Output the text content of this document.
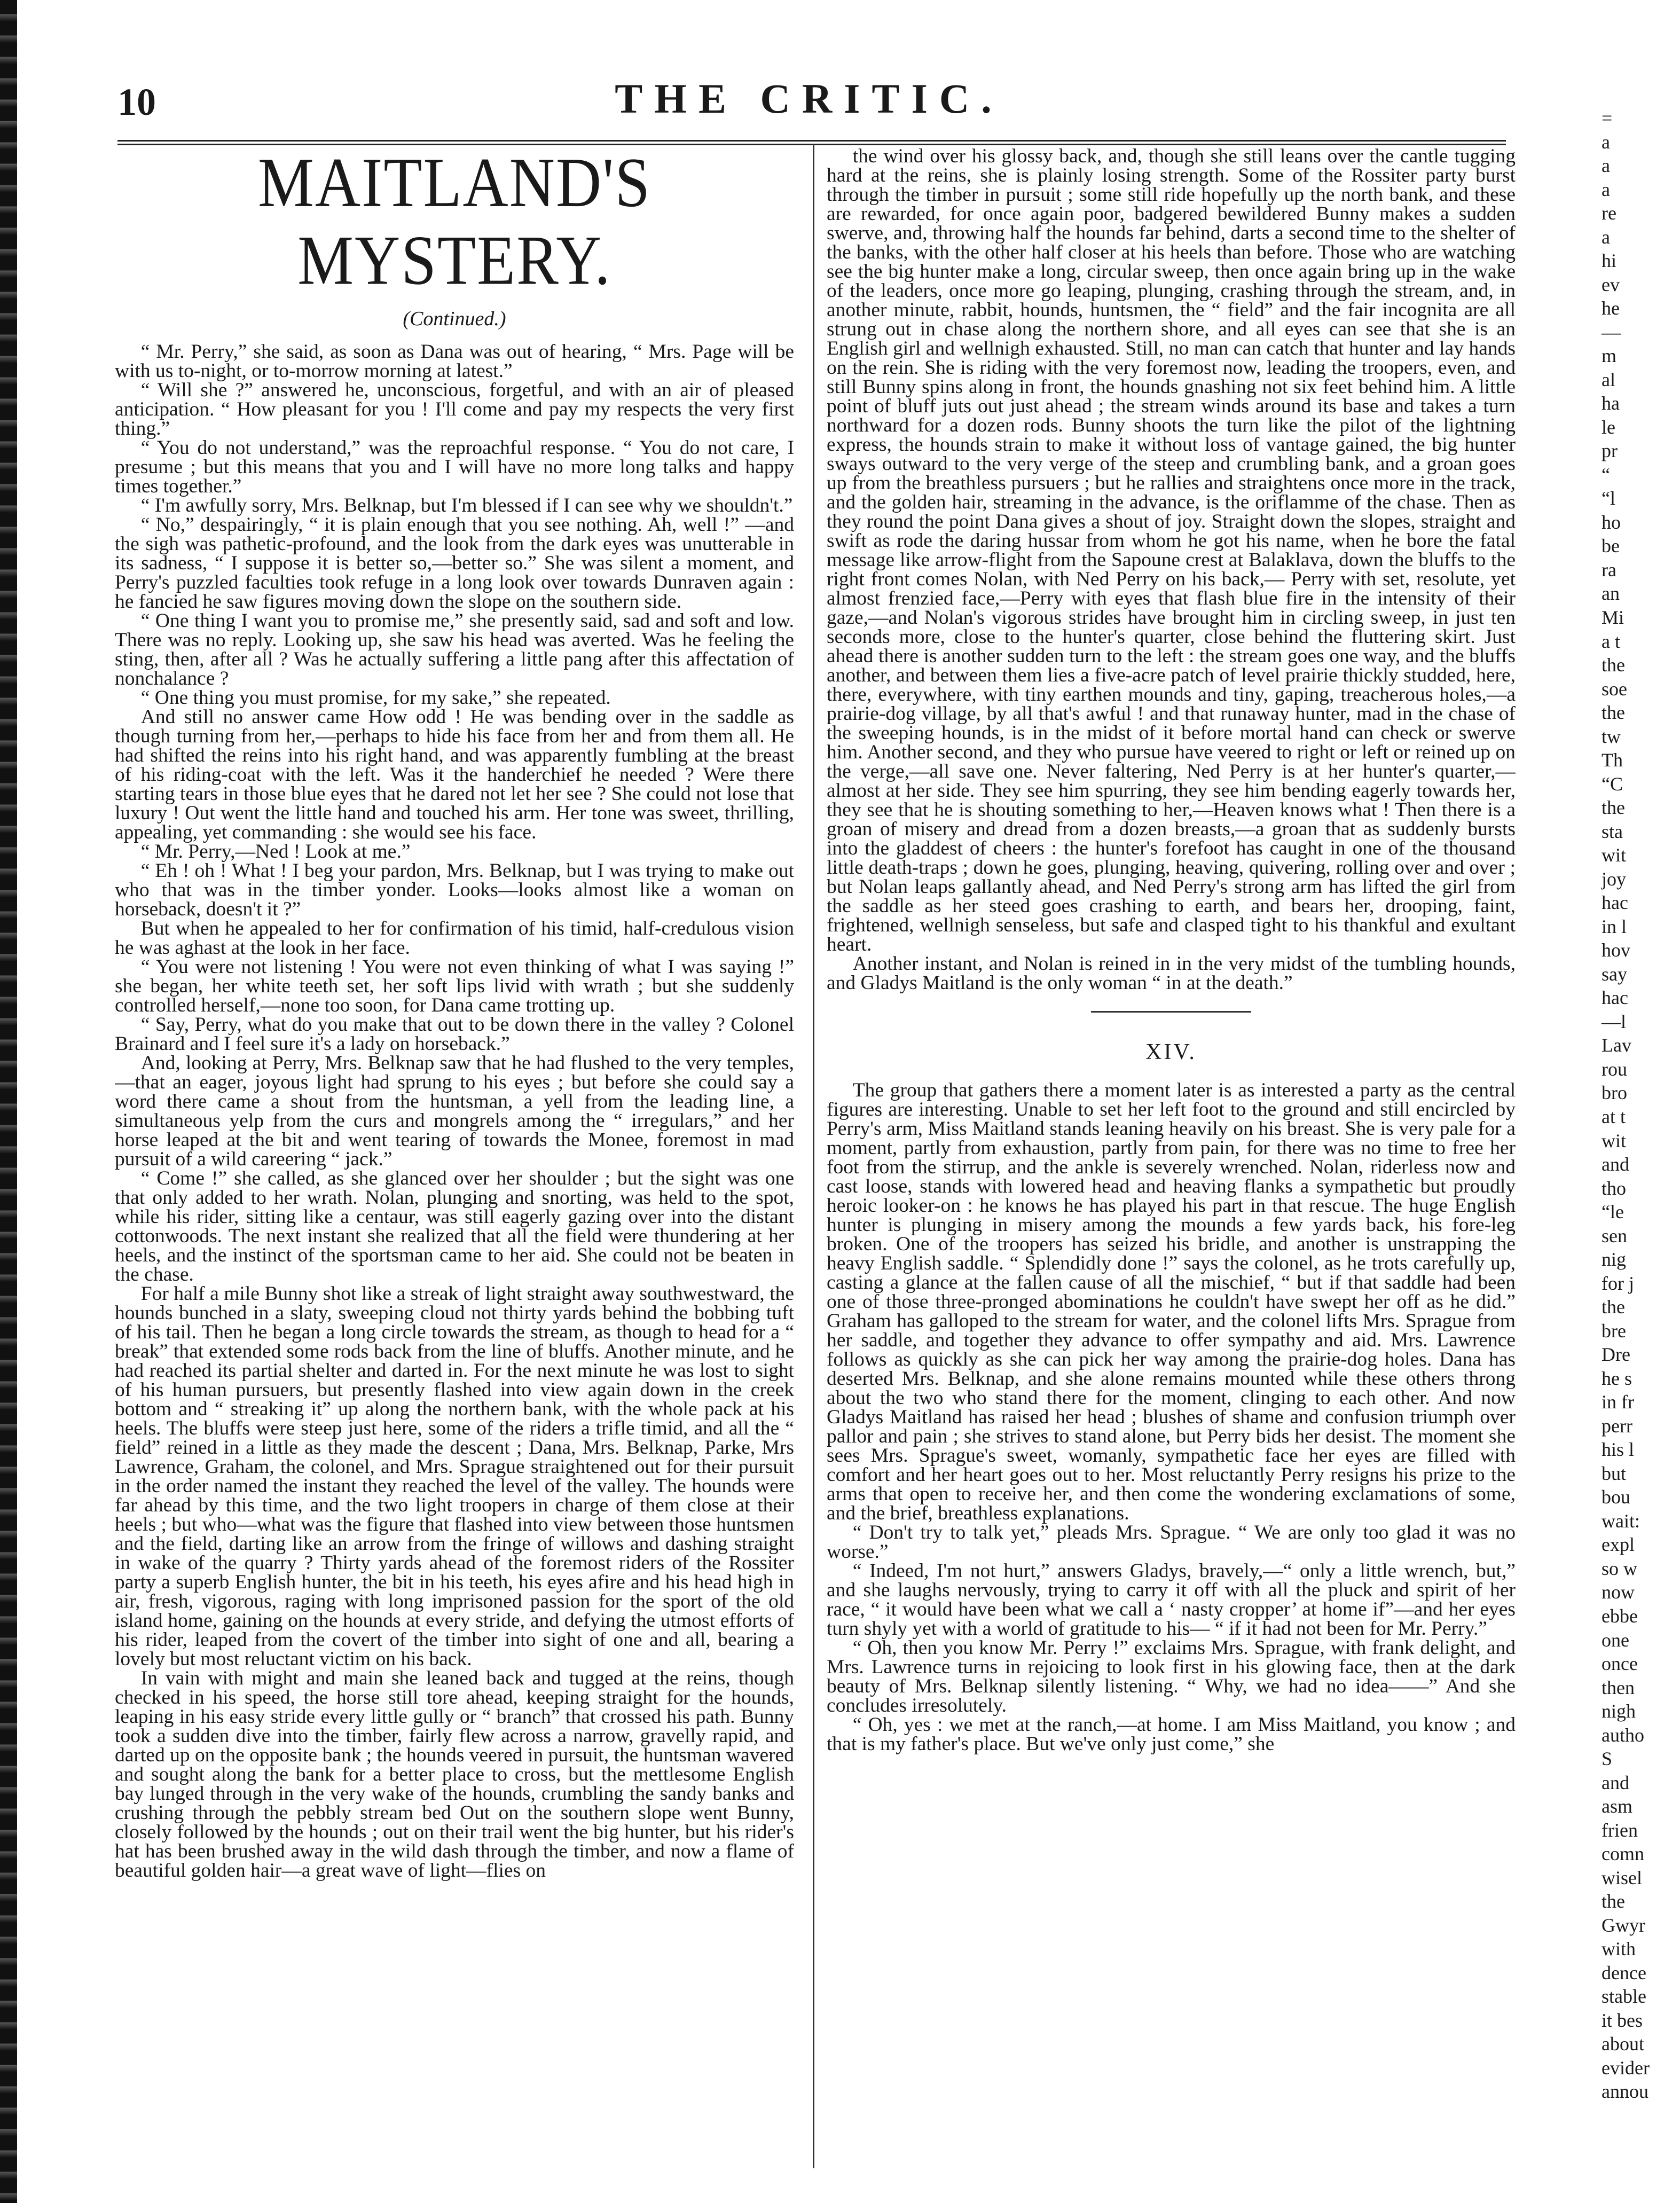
10	THE CRITIC.
MAITLAND'S MYSTERY.
(Continued.)

“ Mr. Perry,” she said, as soon as Dana was out of hearing, “ Mrs. Page will be with us to-night, or to-morrow morning at latest.”

“ Will she ?” answered he, unconscious, forgetful, and with an air of pleased anticipation. “ How pleasant for you ! I'll come and pay my respects the very first thing.”

“ You do not understand,” was the reproachful response. “ You do not care, I presume ; but this means that you and I will have no more long talks and happy times together.”

“ I'm awfully sorry, Mrs. Belknap, but I'm blessed if I can see why we shouldn't.”

“ No,” despairingly, “ it is plain enough that you see nothing. Ah, well !” —and the sigh was pathetic-profound, and the look from the dark eyes was unutterable in its sadness, “ I suppose it is better so,—better so.” She was silent a moment, and Perry's puzzled faculties took refuge in a long look over towards Dunraven again : he fancied he saw figures moving down the slope on the southern side.

“ One thing I want you to promise me,” she presently said, sad and soft and low. There was no reply. Looking up, she saw his head was averted. Was he feeling the sting, then, after all ? Was he actually suffering a little pang after this affectation of nonchalance ?

“ One thing you must promise, for my sake,” she repeated.

And still no answer came How odd ! He was bending over in the saddle as though turning from her,—perhaps to hide his face from her and from them all. He had shifted the reins into his right hand, and was apparently fumbling at the breast of his riding-coat with the left. Was it the handerchief he needed ? Were there starting tears in those blue eyes that he dared not let her see ? She could not lose that luxury ! Out went the little hand and touched his arm. Her tone was sweet, thrilling, appealing, yet commanding : she would see his face.

“ Mr. Perry,—Ned ! Look at me.”

“ Eh ! oh ! What ! I beg your pardon, Mrs. Belknap, but I was trying to make out who that was in the timber yonder. Looks—looks almost like a woman on horseback, doesn't it ?”

But when he appealed to her for confirmation of his timid, half-credulous vision he was aghast at the look in her face.

“ You were not listening ! You were not even thinking of what I was saying !” she began, her white teeth set, her soft lips livid with wrath ; but she suddenly controlled herself,—none too soon, for Dana came trotting up.

“ Say, Perry, what do you make that out to be down there in the valley ? Colonel Brainard and I feel sure it's a lady on horseback.”

And, looking at Perry, Mrs. Belknap saw that he had flushed to the very temples,—that an eager, joyous light had sprung to his eyes ; but before she could say a word there came a shout from the huntsman, a yell from the leading line, a simultaneous yelp from the curs and mongrels among the “ irregulars,” and her horse leaped at the bit and went tearing of towards the Monee, foremost in mad pursuit of a wild careering “ jack.”

“ Come !” she called, as she glanced over her shoulder ; but the sight was one that only added to her wrath. Nolan, plunging and snorting, was held to the spot, while his rider, sitting like a centaur, was still eagerly gazing over into the distant cottonwoods. The next instant she realized that all the field were thundering at her heels, and the instinct of the sportsman came to her aid. She could not be beaten in the chase.

For half a mile Bunny shot like a streak of light straight away southwestward, the hounds bunched in a slaty, sweeping cloud not thirty yards behind the bobbing tuft of his tail. Then he began a long circle towards the stream, as though to head for a “ break” that extended some rods back from the line of bluffs. Another minute, and he had reached its partial shelter and darted in. For the next minute he was lost to sight of his human pursuers, but presently flashed into view again down in the creek bottom and “ streaking it” up along the northern bank, with the whole pack at his heels. The bluffs were steep just here, some of the riders a trifle timid, and all the “ field” reined in a little as they made the descent ; Dana, Mrs. Belknap, Parke, Mrs Lawrence, Graham, the colonel, and Mrs. Sprague straightened out for their pursuit in the order named the instant they reached the level of the valley. The hounds were far ahead by this time, and the two light troopers in charge of them close at their heels ; but who—what was the figure that flashed into view between those huntsmen and the field, darting like an arrow from the fringe of willows and dashing straight in wake of the quarry ? Thirty yards ahead of the foremost riders of the Rossiter party a superb English hunter, the bit in his teeth, his eyes afire and his head high in air, fresh, vigorous, raging with long imprisoned passion for the sport of the old island home, gaining on the hounds at every stride, and defying the utmost efforts of his rider, leaped from the covert of the timber into sight of one and all, bearing a lovely but most reluctant victim on his back.

In vain with might and main she leaned back and tugged at the reins, though checked in his speed, the horse still tore ahead, keeping straight for the hounds, leaping in his easy stride every little gully or “ branch” that crossed his path. Bunny took a sudden dive into the timber, fairly flew across a narrow, gravelly rapid, and darted up on the opposite bank ; the hounds veered in pursuit, the huntsman wavered and sought along the bank for a better place to cross, but the mettlesome English bay lunged through in the very wake of the hounds, crumbling the sandy banks and crushing through the pebbly stream bed Out on the southern slope went Bunny, closely followed by the hounds ; out on their trail went the big hunter, but his rider's hat has been brushed away in the wild dash through the timber, and now a flame of beautiful golden hair—a great wave of light—flies on

the wind over his glossy back, and, though she still leans over the cantle tugging hard at the reins, she is plainly losing strength. Some of the Rossiter party burst through the timber in pursuit ; some still ride hopefully up the north bank, and these are rewarded, for once again poor, badgered bewildered Bunny makes a sudden swerve, and, throwing half the hounds far behind, darts a second time to the shelter of the banks, with the other half closer at his heels than before. Those who are watching see the big hunter make a long, circular sweep, then once again bring up in the wake of the leaders, once more go leaping, plunging, crashing through the stream, and, in another minute, rabbit, hounds, huntsmen, the “ field” and the fair incognita are all strung out in chase along the northern shore, and all eyes can see that she is an English girl and wellnigh exhausted. Still, no man can catch that hunter and lay hands on the rein. She is riding with the very foremost now, leading the troopers, even, and still Bunny spins along in front, the hounds gnashing not six feet behind him. A little point of bluff juts out just ahead ; the stream winds around its base and takes a turn northward for a dozen rods. Bunny shoots the turn like the pilot of the lightning express, the hounds strain to make it without loss of vantage gained, the big hunter sways outward to the very verge of the steep and crumbling bank, and a groan goes up from the breathless pursuers ; but he rallies and straightens once more in the track, and the golden hair, streaming in the advance, is the oriflamme of the chase. Then as they round the point Dana gives a shout of joy. Straight down the slopes, straight and swift as rode the daring hussar from whom he got his name, when he bore the fatal message like arrow-flight from the Sapoune crest at Balaklava, down the bluffs to the right front comes Nolan, with Ned Perry on his back,— Perry with set, resolute, yet almost frenzied face,—Perry with eyes that flash blue fire in the intensity of their gaze,—and Nolan's vigorous strides have brought him in circling sweep, in just ten seconds more, close to the hunter's quarter, close behind the fluttering skirt. Just ahead there is another sudden turn to the left : the stream goes one way, and the bluffs another, and between them lies a five-acre patch of level prairie thickly studded, here, there, everywhere, with tiny earthen mounds and tiny, gaping, treacherous holes,—a prairie-dog village, by all that's awful ! and that runaway hunter, mad in the chase of the sweeping hounds, is in the midst of it before mortal hand can check or swerve him. Another second, and they who pursue have veered to right or left or reined up on the verge,—all save one. Never faltering, Ned Perry is at her hunter's quarter,—almost at her side. They see him spurring, they see him bending eagerly towards her, they see that he is shouting something to her,—Heaven knows what ! Then there is a groan of misery and dread from a dozen breasts,—a groan that as suddenly bursts into the gladdest of cheers : the hunter's forefoot has caught in one of the thousand little death-traps ; down he goes, plunging, heaving, quivering, rolling over and over ; but Nolan leaps gallantly ahead, and Ned Perry's strong arm has lifted the girl from the saddle as her steed goes crashing to earth, and bears her, drooping, faint, frightened, wellnigh senseless, but safe and clasped tight to his thankful and exultant heart.

Another instant, and Nolan is reined in in the very midst of the tumbling hounds, and Gladys Maitland is the only woman “ in at the death.”

XIV.

The group that gathers there a moment later is as interested a party as the central figures are interesting. Unable to set her left foot to the ground and still encircled by Perry's arm, Miss Maitland stands leaning heavily on his breast. She is very pale for a moment, partly from exhaustion, partly from pain, for there was no time to free her foot from the stirrup, and the ankle is severely wrenched. Nolan, riderless now and cast loose, stands with lowered head and heaving flanks a sympathetic but proudly heroic looker-on : he knows he has played his part in that rescue. The huge English hunter is plunging in misery among the mounds a few yards back, his fore-leg broken. One of the troopers has seized his bridle, and another is unstrapping the heavy English saddle. “ Splendidly done !” says the colonel, as he trots carefully up, casting a glance at the fallen cause of all the mischief, “ but if that saddle had been one of those three-pronged abominations he couldn't have swept her off as he did.” Graham has galloped to the stream for water, and the colonel lifts Mrs. Sprague from her saddle, and together they advance to offer sympathy and aid. Mrs. Lawrence follows as quickly as she can pick her way among the prairie-dog holes. Dana has deserted Mrs. Belknap, and she alone remains mounted while these others throng about the two who stand there for the moment, clinging to each other. And now Gladys Maitland has raised her head ; blushes of shame and confusion triumph over pallor and pain ; she strives to stand alone, but Perry bids her desist. The moment she sees Mrs. Sprague's sweet, womanly, sympathetic face her eyes are filled with comfort and her heart goes out to her. Most reluctantly Perry resigns his prize to the arms that open to receive her, and then come the wondering exclamations of some, and the brief, breathless explanations.

“ Don't try to talk yet,” pleads Mrs. Sprague. “ We are only too glad it was no worse.”

“ Indeed, I'm not hurt,” answers Gladys, bravely,—“ only a little wrench, but,” and she laughs nervously, trying to carry it off with all the pluck and spirit of her race, “ it would have been what we call a ‘ nasty cropper’ at home if”—and her eyes turn shyly yet with a world of gratitude to his— “ if it had not been for Mr. Perry.”

“ Oh, then you know Mr. Perry !” exclaims Mrs. Sprague, with frank delight, and Mrs. Lawrence turns in rejoicing to look first in his glowing face, then at the dark beauty of Mrs. Belknap silently listening. “ Why, we had no idea——” And she concludes irresolutely.

“ Oh, yes : we met at the ranch,—at home. I am Miss Maitland, you know ; and that is my father's place. But we've only just come,” she

=
a
a
a
re
a
hi
ev
he
—
m
al
ha
le
pr
“
“l
ho
be
ra
an
Mi
a t
the
soe
the
tw
Th
“C
the
sta
wit
joy
hac
in l
hov
say
hac
—l
Lav
rou
bro
at t
wit
and
tho
“le
sen
nig
for j
the
bre
Dre
he s
in fr
perr
his l
but
bou
wait:
expl
so w
now
ebbe
one
once
then
nigh
autho
S
and
asm
frien
comn
wisel
the
Gwyr
with
dence
stable
it bes
about
evider
annou
